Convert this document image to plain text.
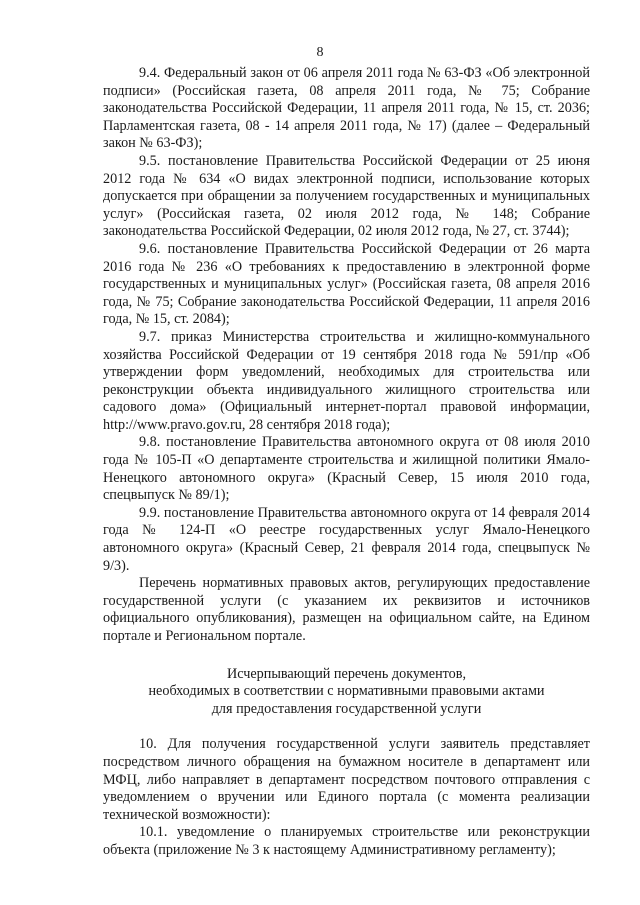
8

9.4. Федеральный закон от 06 апреля 2011 года № 63-ФЗ «Об электронной подписи» (Российская газета, 08 апреля 2011 года, № 75; Собрание законодательства Российской Федерации, 11 апреля 2011 года, № 15, ст. 2036; Парламентская газета, 08 - 14 апреля 2011 года, № 17) (далее – Федеральный закон № 63-ФЗ);

9.5. постановление Правительства Российской Федерации от 25 июня 2012 года № 634 «О видах электронной подписи, использование которых допускается при обращении за получением государственных и муниципальных услуг» (Российская газета, 02 июля 2012 года, № 148; Собрание законодательства Российской Федерации, 02 июля 2012 года, № 27, ст. 3744);

9.6. постановление Правительства Российской Федерации от 26 марта 2016 года № 236 «О требованиях к предоставлению в электронной форме государственных и муниципальных услуг» (Российская газета, 08 апреля 2016 года, № 75; Собрание законодательства Российской Федерации, 11 апреля 2016 года, № 15, ст. 2084);

9.7. приказ Министерства строительства и жилищно-коммунального хозяйства Российской Федерации от 19 сентября 2018 года № 591/пр «Об утверждении форм уведомлений, необходимых для строительства или реконструкции объекта индивидуального жилищного строительства или садового дома» (Официальный интернет-портал правовой информации, http://www.pravo.gov.ru, 28 сентября 2018 года);

9.8. постановление Правительства автономного округа от 08 июля 2010 года № 105-П «О департаменте строительства и жилищной политики Ямало-Ненецкого автономного округа» (Красный Север, 15 июля 2010 года, спецвыпуск № 89/1);

9.9. постановление Правительства автономного округа от 14 февраля 2014 года № 124-П «О реестре государственных услуг Ямало-Ненецкого автономного округа» (Красный Север, 21 февраля 2014 года, спецвыпуск № 9/3).

Перечень нормативных правовых актов, регулирующих предоставление государственной услуги (с указанием их реквизитов и источников официального опубликования), размещен на официальном сайте, на Едином портале и Региональном портале.

Исчерпывающий перечень документов,

необходимых в соответствии с нормативными правовыми актами

для предоставления государственной услуги

10. Для получения государственной услуги заявитель представляет посредством личного обращения на бумажном носителе в департамент или МФЦ, либо направляет в департамент посредством почтового отправления с уведомлением о вручении или Единого портала (с момента реализации технической возможности):

10.1. уведомление о планируемых строительстве или реконструкции объекта (приложение № 3 к настоящему Административному регламенту);
